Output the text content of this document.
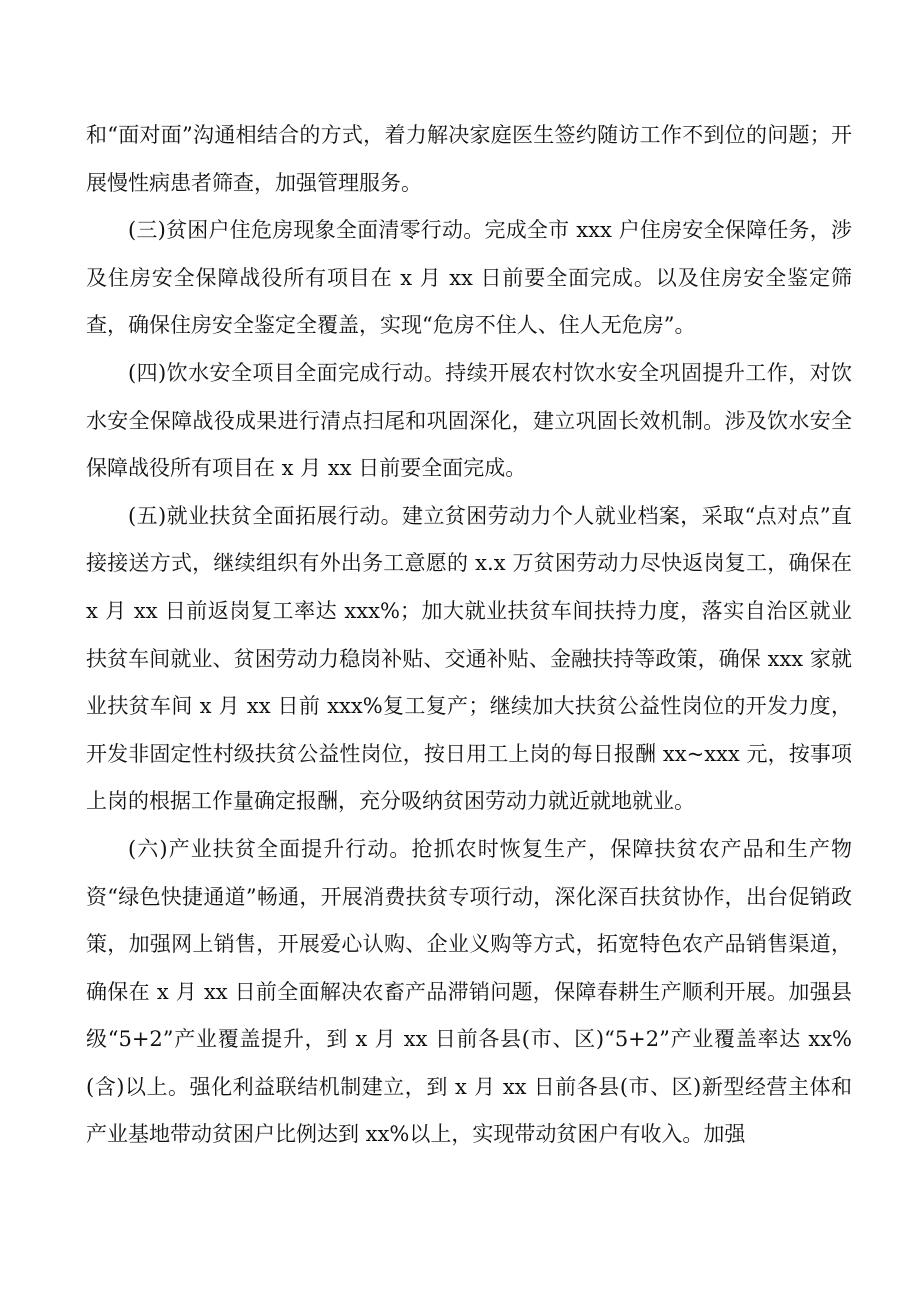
和“面对面”沟通相结合的方式，着力解决家庭医生签约随访工作不到位的问题；开展慢性病患者筛查，加强管理服务。

(三)贫困户住危房现象全面清零行动。完成全市 xxx 户住房安全保障任务，涉及住房安全保障战役所有项目在 x 月 xx 日前要全面完成。以及住房安全鉴定筛查，确保住房安全鉴定全覆盖，实现“危房不住人、住人无危房”。

(四)饮水安全项目全面完成行动。持续开展农村饮水安全巩固提升工作，对饮水安全保障战役成果进行清点扫尾和巩固深化，建立巩固长效机制。涉及饮水安全保障战役所有项目在 x 月 xx 日前要全面完成。

(五)就业扶贫全面拓展行动。建立贫困劳动力个人就业档案，采取“点对点”直接接送方式，继续组织有外出务工意愿的 x.x 万贫困劳动力尽快返岗复工，确保在 x 月 xx 日前返岗复工率达 xxx%；加大就业扶贫车间扶持力度，落实自治区就业扶贫车间就业、贫困劳动力稳岗补贴、交通补贴、金融扶持等政策，确保 xxx 家就业扶贫车间 x 月 xx 日前 xxx%复工复产；继续加大扶贫公益性岗位的开发力度，开发非固定性村级扶贫公益性岗位，按日用工上岗的每日报酬 xx~xxx 元，按事项上岗的根据工作量确定报酬，充分吸纳贫困劳动力就近就地就业。

(六)产业扶贫全面提升行动。抢抓农时恢复生产，保障扶贫农产品和生产物资“绿色快捷通道”畅通，开展消费扶贫专项行动，深化深百扶贫协作，出台促销政策，加强网上销售，开展爱心认购、企业义购等方式，拓宽特色农产品销售渠道，确保在 x 月 xx 日前全面解决农畜产品滞销问题，保障春耕生产顺利开展。加强县级“5+2”产业覆盖提升，到 x 月 xx 日前各县(市、区)“5+2”产业覆盖率达 xx%(含)以上。强化利益联结机制建立，到 x 月 xx 日前各县(市、区)新型经营主体和产业基地带动贫困户比例达到 xx%以上，实现带动贫困户有收入。加强
